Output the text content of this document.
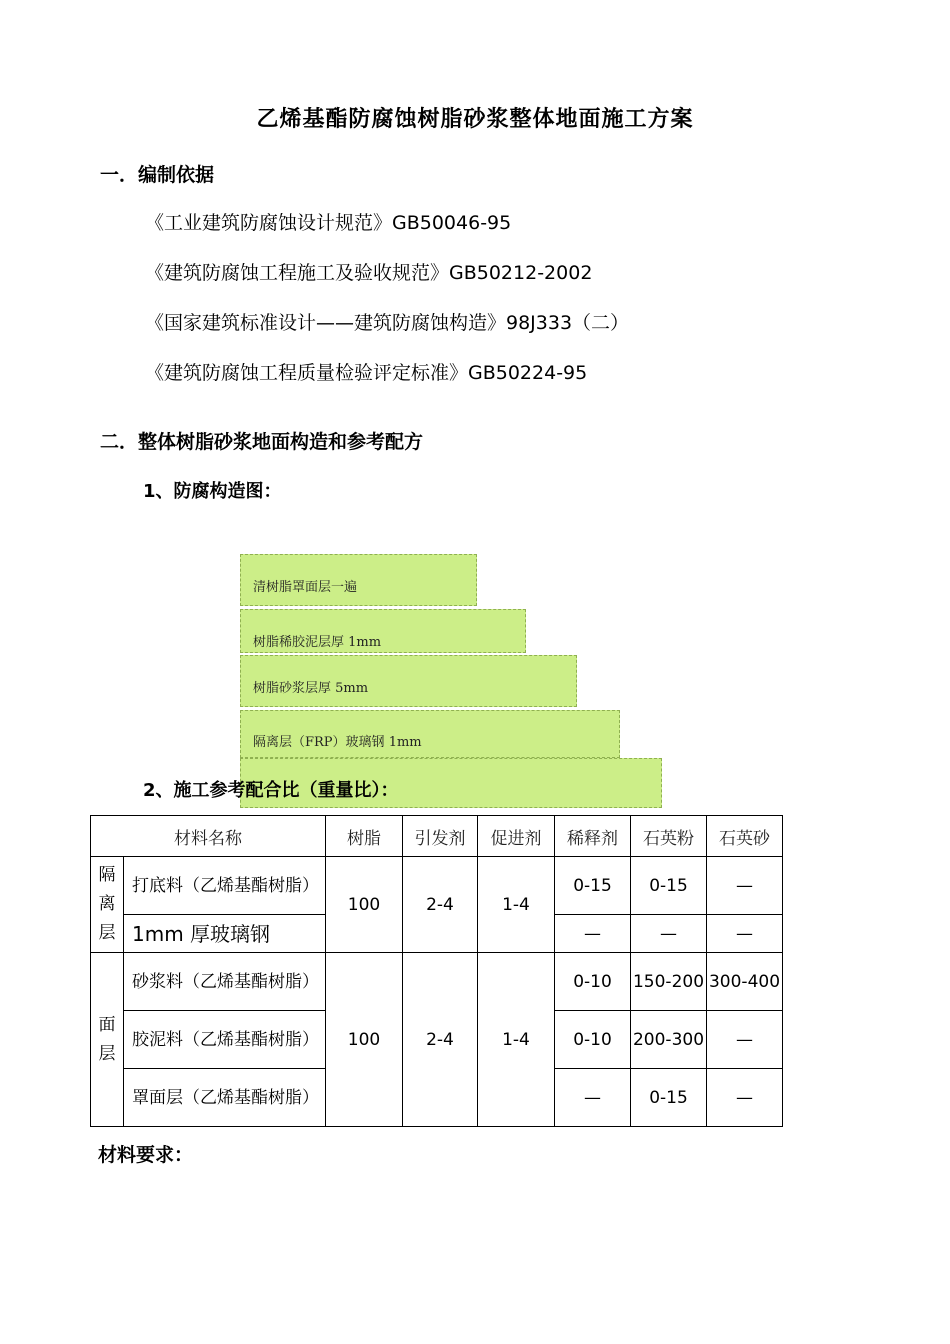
乙烯基酯防腐蚀树脂砂浆整体地面施工方案
一．编制依据
《工业建筑防腐蚀设计规范》GB50046-95
《建筑防腐蚀工程施工及验收规范》GB50212-2002
《国家建筑标准设计——建筑防腐蚀构造》98J333（二）
《建筑防腐蚀工程质量检验评定标准》GB50224-95
二．整体树脂砂浆地面构造和参考配方
1、防腐构造图：
清树脂罩面层一遍
树脂稀胶泥层厚 1mm
树脂砂浆层厚 5mm
隔离层（FRP）玻璃钢 1mm
2、施工参考配合比（重量比）：
材料名称		树脂	引发剂	促进剂	稀释剂	石英粉	石英砂

隔离层	打底料（乙烯基酯树脂）	100	2-4	1-4	0-15	0-15	—
	1mm 厚玻璃钢				—	—	—

面层	砂浆料（乙烯基酯树脂）	100	2-4	1-4	0-10	150-200	300-400
	胶泥料（乙烯基酯树脂）				0-10	200-300	—
	罩面层（乙烯基酯树脂）				—	0-15	—
材料要求：
